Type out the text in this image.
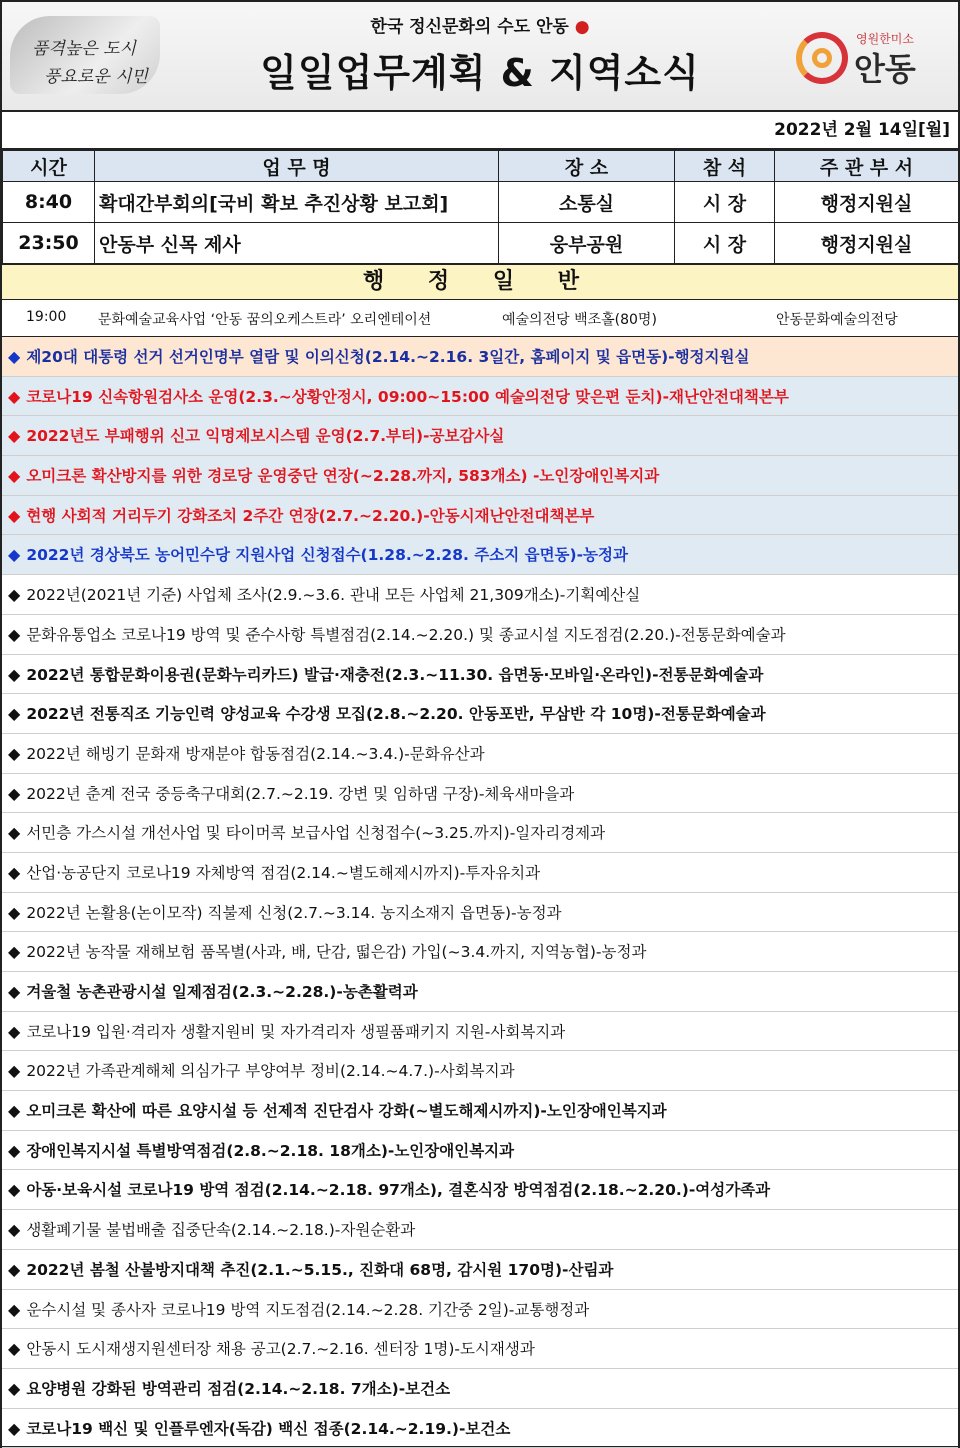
품격높은 도시
풍요로운 시민
한국 정신문화의 수도 안동 ●
일일업무계획 & 지역소식
영원한미소
안동
2022년 2월 14일[월]
시간	업 무 명	장 소	참 석	주 관 부 서
8:40	확대간부회의[국비 확보 추진상황 보고회]	소통실	시 장	행정지원실
23:50	안동부 신목 제사	웅부공원	시 장	행정지원실
행 정 일 반
19:00 문화예술교육사업 ‘안동 꿈의오케스트라’ 오리엔테이션	예술의전당 백조홀(80명)	안동문화예술의전당
◆ 제20대 대통령 선거 선거인명부 열람 및 이의신청(2.14.~2.16. 3일간, 홈페이지 및 읍면동)-행정지원실
◆ 코로나19 신속항원검사소 운영(2.3.~상황안정시, 09:00~15:00 예술의전당 맞은편 둔치)-재난안전대책본부
◆ 2022년도 부패행위 신고 익명제보시스템 운영(2.7.부터)-공보감사실
◆ 오미크론 확산방지를 위한 경로당 운영중단 연장(~2.28.까지, 583개소) -노인장애인복지과
◆ 현행 사회적 거리두기 강화조치 2주간 연장(2.7.~2.20.)-안동시재난안전대책본부
◆ 2022년 경상북도 농어민수당 지원사업 신청접수(1.28.~2.28. 주소지 읍면동)-농정과
◆ 2022년(2021년 기준) 사업체 조사(2.9.~3.6. 관내 모든 사업체 21,309개소)-기획예산실
◆ 문화유통업소 코로나19 방역 및 준수사항 특별점검(2.14.~2.20.) 및 종교시설 지도점검(2.20.)-전통문화예술과
◆ 2022년 통합문화이용권(문화누리카드) 발급·재충전(2.3.~11.30. 읍면동·모바일·온라인)-전통문화예술과
◆ 2022년 전통직조 기능인력 양성교육 수강생 모집(2.8.~2.20. 안동포반, 무삼반 각 10명)-전통문화예술과
◆ 2022년 해빙기 문화재 방재분야 합동점검(2.14.~3.4.)-문화유산과
◆ 2022년 춘계 전국 중등축구대회(2.7.~2.19. 강변 및 임하댐 구장)-체육새마을과
◆ 서민층 가스시설 개선사업 및 타이머콕 보급사업 신청접수(~3.25.까지)-일자리경제과
◆ 산업·농공단지 코로나19 자체방역 점검(2.14.~별도해제시까지)-투자유치과
◆ 2022년 논활용(논이모작) 직불제 신청(2.7.~3.14. 농지소재지 읍면동)-농정과
◆ 2022년 농작물 재해보험 품목별(사과, 배, 단감, 떫은감) 가입(~3.4.까지, 지역농협)-농정과
◆ 겨울철 농촌관광시설 일제점검(2.3.~2.28.)-농촌활력과
◆ 코로나19 입원·격리자 생활지원비 및 자가격리자 생필품패키지 지원-사회복지과
◆ 2022년 가족관계해체 의심가구 부양여부 정비(2.14.~4.7.)-사회복지과
◆ 오미크론 확산에 따른 요양시설 등 선제적 진단검사 강화(~별도해제시까지)-노인장애인복지과
◆ 장애인복지시설 특별방역점검(2.8.~2.18. 18개소)-노인장애인복지과
◆ 아동·보육시설 코로나19 방역 점검(2.14.~2.18. 97개소), 결혼식장 방역점검(2.18.~2.20.)-여성가족과
◆ 생활폐기물 불법배출 집중단속(2.14.~2.18.)-자원순환과
◆ 2022년 봄철 산불방지대책 추진(2.1.~5.15., 진화대 68명, 감시원 170명)-산림과
◆ 운수시설 및 종사자 코로나19 방역 지도점검(2.14.~2.28. 기간중 2일)-교통행정과
◆ 안동시 도시재생지원센터장 채용 공고(2.7.~2.16. 센터장 1명)-도시재생과
◆ 요양병원 강화된 방역관리 점검(2.14.~2.18. 7개소)-보건소
◆ 코로나19 백신 및 인플루엔자(독감) 백신 접종(2.14.~2.19.)-보건소
